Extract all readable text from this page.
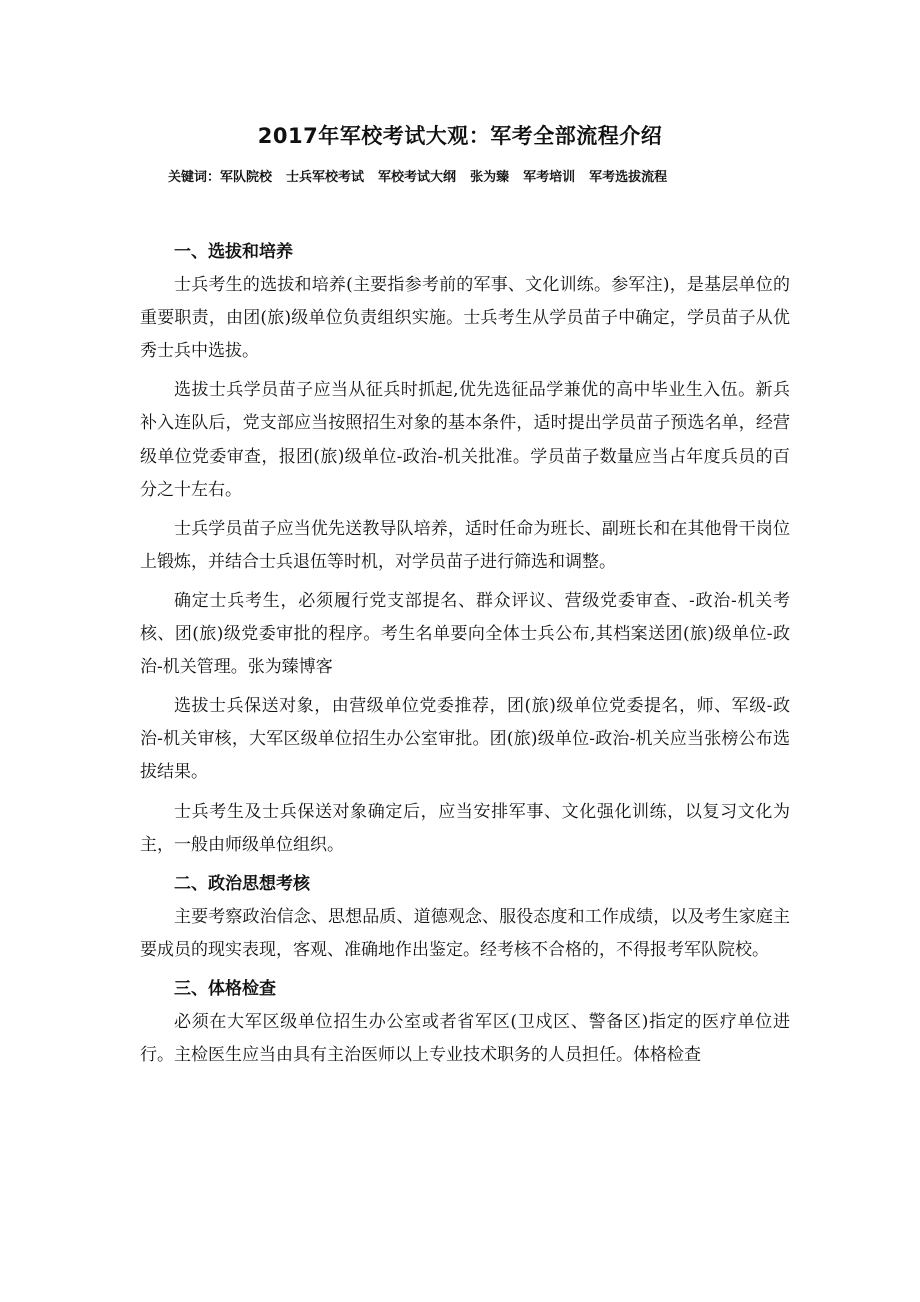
2017年军校考试大观：军考全部流程介绍
关键词：军队院校 士兵军校考试 军校考试大纲 张为臻 军考培训 军考选拔流程
一、选拔和培养

士兵考生的选拔和培养(主要指参考前的军事、文化训练。参军注)，是基层单位的重要职责，由团(旅)级单位负责组织实施。士兵考生从学员苗子中确定，学员苗子从优秀士兵中选拔。

选拔士兵学员苗子应当从征兵时抓起,优先选征品学兼优的高中毕业生入伍。新兵补入连队后，党支部应当按照招生对象的基本条件，适时提出学员苗子预选名单，经营级单位党委审查，报团(旅)级单位-政治-机关批准。学员苗子数量应当占年度兵员的百分之十左右。

士兵学员苗子应当优先送教导队培养，适时任命为班长、副班长和在其他骨干岗位上锻炼，并结合士兵退伍等时机，对学员苗子进行筛选和调整。

确定士兵考生，必须履行党支部提名、群众评议、营级党委审查、-政治-机关考核、团(旅)级党委审批的程序。考生名单要向全体士兵公布,其档案送团(旅)级单位-政治-机关管理。张为臻博客

选拔士兵保送对象，由营级单位党委推荐，团(旅)级单位党委提名，师、军级-政治-机关审核，大军区级单位招生办公室审批。团(旅)级单位-政治-机关应当张榜公布选拔结果。

士兵考生及士兵保送对象确定后，应当安排军事、文化强化训练，以复习文化为主，一般由师级单位组织。

二、政治思想考核

主要考察政治信念、思想品质、道德观念、服役态度和工作成绩，以及考生家庭主要成员的现实表现，客观、准确地作出鉴定。经考核不合格的，不得报考军队院校。

三、体格检查

必须在大军区级单位招生办公室或者省军区(卫戍区、警备区)指定的医疗单位进行。主检医生应当由具有主治医师以上专业技术职务的人员担任。体格检查
